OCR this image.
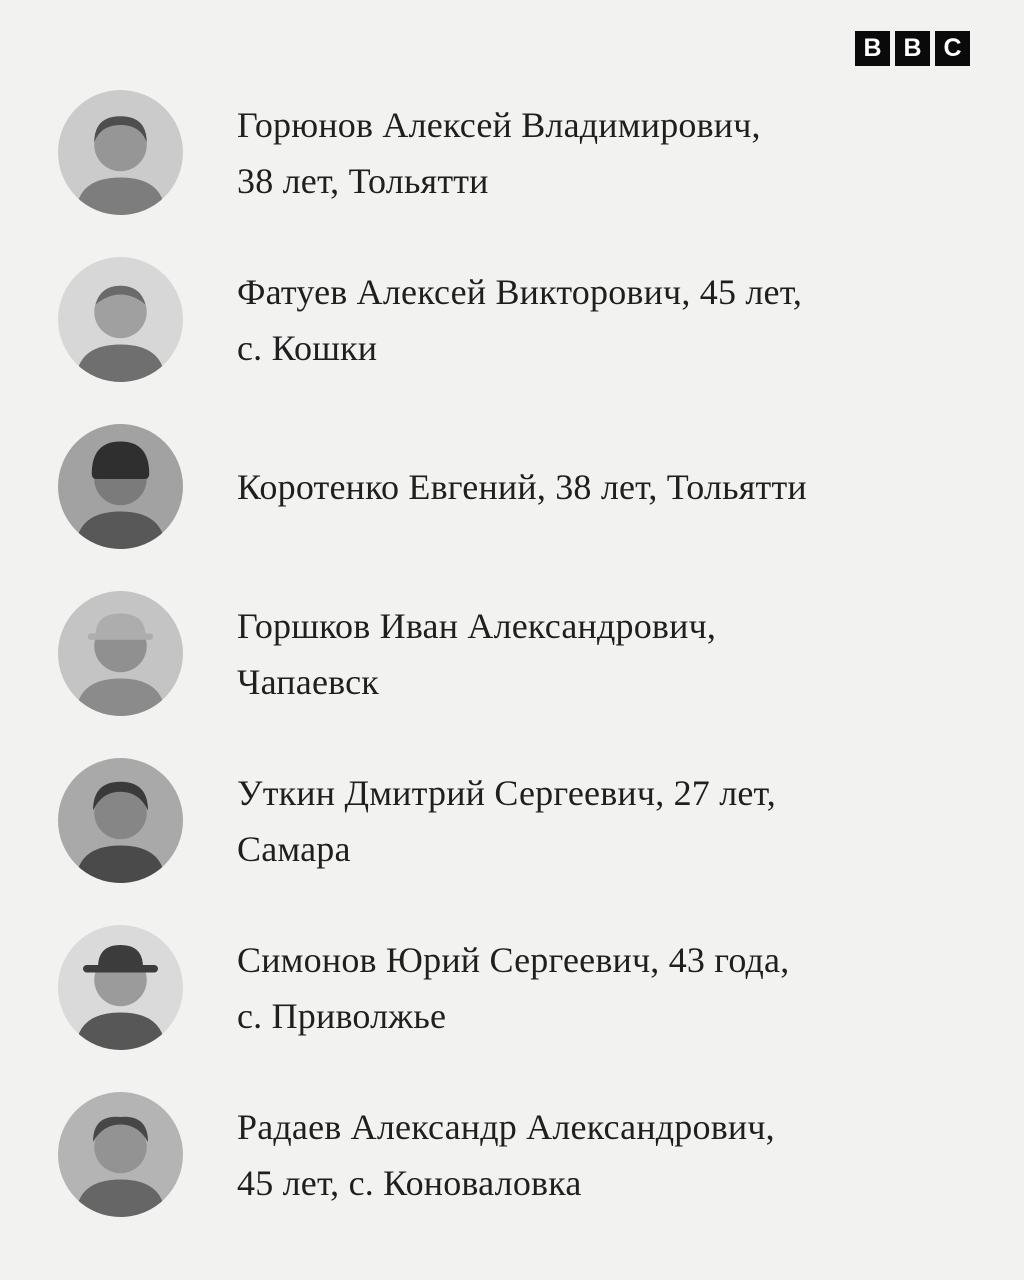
B B C
Горюнов Алексей Владимирович,
38 лет, Тольятти
Фатуев Алексей Викторович, 45 лет,
с. Кошки
Коротенко Евгений, 38 лет, Тольятти
Горшков Иван Александрович,
Чапаевск
Уткин Дмитрий Сергеевич, 27 лет,
Самара
Симонов Юрий Сергеевич, 43 года,
с. Приволжье
Радаев Александр Александрович,
45 лет, с. Коноваловка
